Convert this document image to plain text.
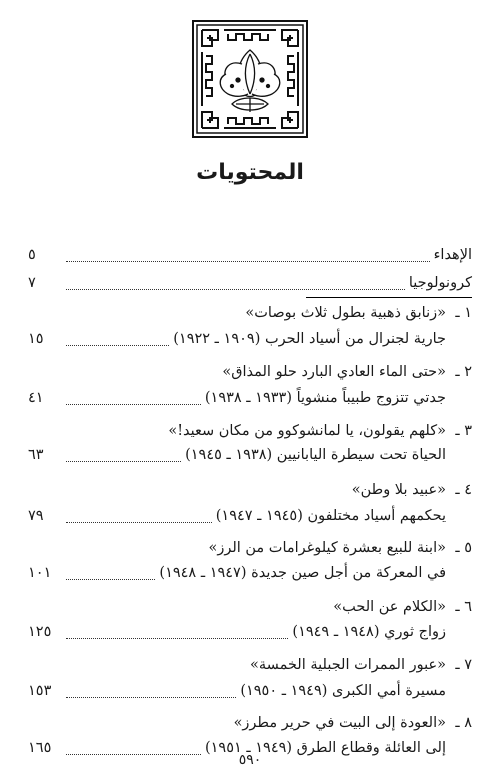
المحتويات
الإهداء
٥
كرونولوجيا
٧
١ ـ
«زنابق ذهبية بطول ثلاث بوصات»
جارية لجنرال من أسياد الحرب (١٩٠٩ ـ ١٩٢٢)
١٥
٢ ـ
«حتى الماء العادي البارد حلو المذاق»
جدتي تتزوج طبيباً منشوياً (١٩٣٣ ـ ١٩٣٨)
٤١
٣ ـ
«كلهم يقولون، يا لمانشوكوو من مكان سعيد!»
الحياة تحت سيطرة اليابانيين (١٩٣٨ ـ ١٩٤٥)
٦٣
٤ ـ
«عبيد بلا وطن»
يحكمهم أسياد مختلفون (١٩٤٥ ـ ١٩٤٧)
٧٩
٥ ـ
«ابنة للبيع بعشرة كيلوغرامات من الرز»
في المعركة من أجل صين جديدة (١٩٤٧ ـ ١٩٤٨)
١٠١
٦ ـ
«الكلام عن الحب»
زواج ثوري (١٩٤٨ ـ ١٩٤٩)
١٢٥
٧ ـ
«عبور الممرات الجبلية الخمسة»
مسيرة أمي الكبرى (١٩٤٩ ـ ١٩٥٠)
١٥٣
٨ ـ
«العودة إلى البيت في حرير مطرز»
إلى العائلة وقطاع الطرق (١٩٤٩ ـ ١٩٥١)
١٦٥
٥٩٠
